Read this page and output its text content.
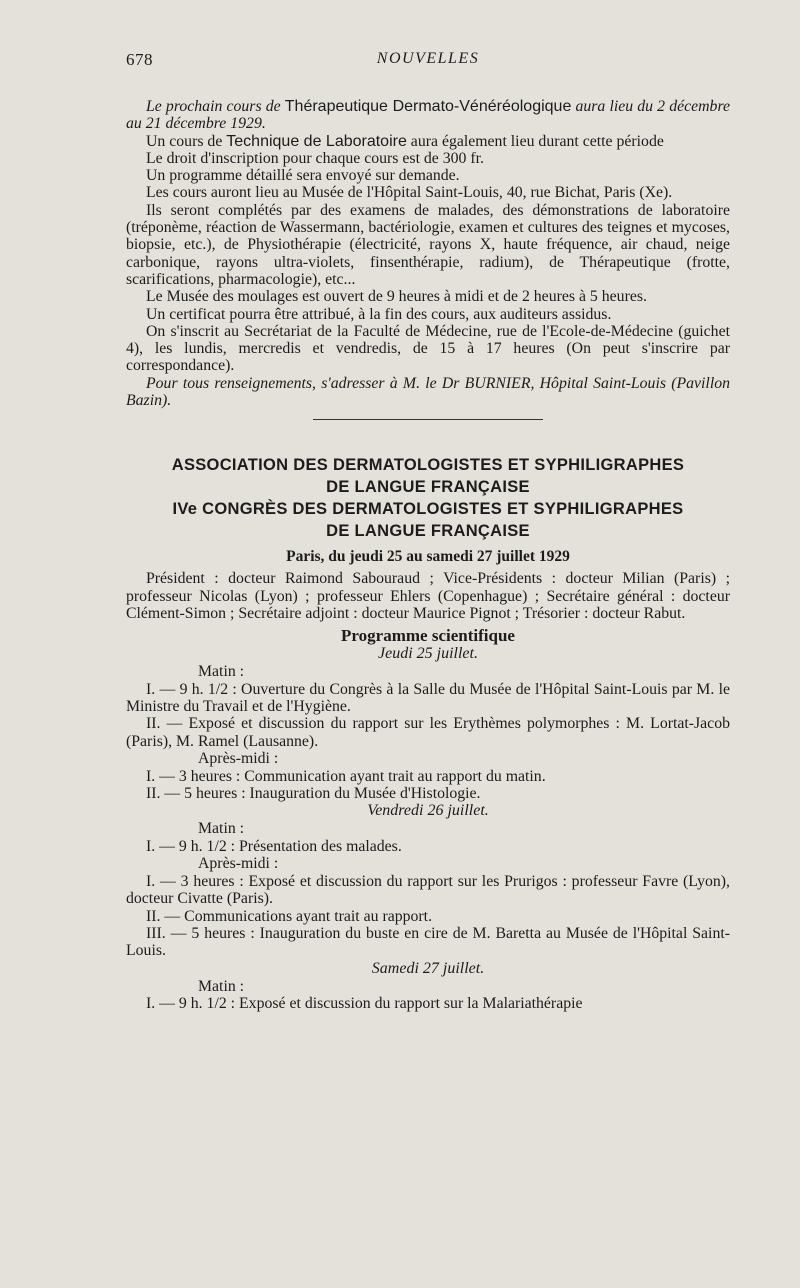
678	NOUVELLES

Le prochain cours de Thérapeutique Dermato-Vénéréologique aura lieu du 2 décembre au 21 décembre 1929.

Un cours de Technique de Laboratoire aura également lieu durant cette période

Le droit d'inscription pour chaque cours est de 300 fr.

Un programme détaillé sera envoyé sur demande.

Les cours auront lieu au Musée de l'Hôpital Saint-Louis, 40, rue Bichat, Paris (Xe).

Ils seront complétés par des examens de malades, des démonstrations de laboratoire (tréponème, réaction de Wassermann, bactériologie, examen et cultures des teignes et mycoses, biopsie, etc.), de Physiothérapie (électricité, rayons X, haute fréquence, air chaud, neige carbonique, rayons ultra-violets, finsenthérapie, radium), de Thérapeutique (frotte, scarifications, pharmacologie), etc...

Le Musée des moulages est ouvert de 9 heures à midi et de 2 heures à 5 heures.

Un certificat pourra être attribué, à la fin des cours, aux auditeurs assidus.

On s'inscrit au Secrétariat de la Faculté de Médecine, rue de l'Ecole-de-Médecine (guichet 4), les lundis, mercredis et vendredis, de 15 à 17 heures (On peut s'inscrire par correspondance).

Pour tous renseignements, s'adresser à M. le Dr BURNIER, Hôpital Saint-Louis (Pavillon Bazin).

ASSOCIATION DES DERMATOLOGISTES ET SYPHILIGRAPHES

DE LANGUE FRANÇAISE

IVe CONGRÈS DES DERMATOLOGISTES ET SYPHILIGRAPHES

DE LANGUE FRANÇAISE

Paris, du jeudi 25 au samedi 27 juillet 1929

Président : docteur Raimond Sabouraud ; Vice-Présidents : docteur Milian (Paris) ; professeur Nicolas (Lyon) ; professeur Ehlers (Copenhague) ; Secrétaire général : docteur Clément-Simon ; Secrétaire adjoint : docteur Maurice Pignot ; Trésorier : docteur Rabut.

Programme scientifique

Jeudi 25 juillet.

Matin :

I. — 9 h. 1/2 : Ouverture du Congrès à la Salle du Musée de l'Hôpital Saint-Louis par M. le Ministre du Travail et de l'Hygiène.

II. — Exposé et discussion du rapport sur les Erythèmes polymorphes : M. Lortat-Jacob (Paris), M. Ramel (Lausanne).

Après-midi :

I. — 3 heures : Communication ayant trait au rapport du matin.

II. — 5 heures : Inauguration du Musée d'Histologie.

Vendredi 26 juillet.

Matin :

I. — 9 h. 1/2 : Présentation des malades.

Après-midi :

I. — 3 heures : Exposé et discussion du rapport sur les Prurigos : professeur Favre (Lyon), docteur Civatte (Paris).

II. — Communications ayant trait au rapport.

III. — 5 heures : Inauguration du buste en cire de M. Baretta au Musée de l'Hôpital Saint-Louis.

Samedi 27 juillet.

Matin :

I. — 9 h. 1/2 : Exposé et discussion du rapport sur la Malariathérapie
